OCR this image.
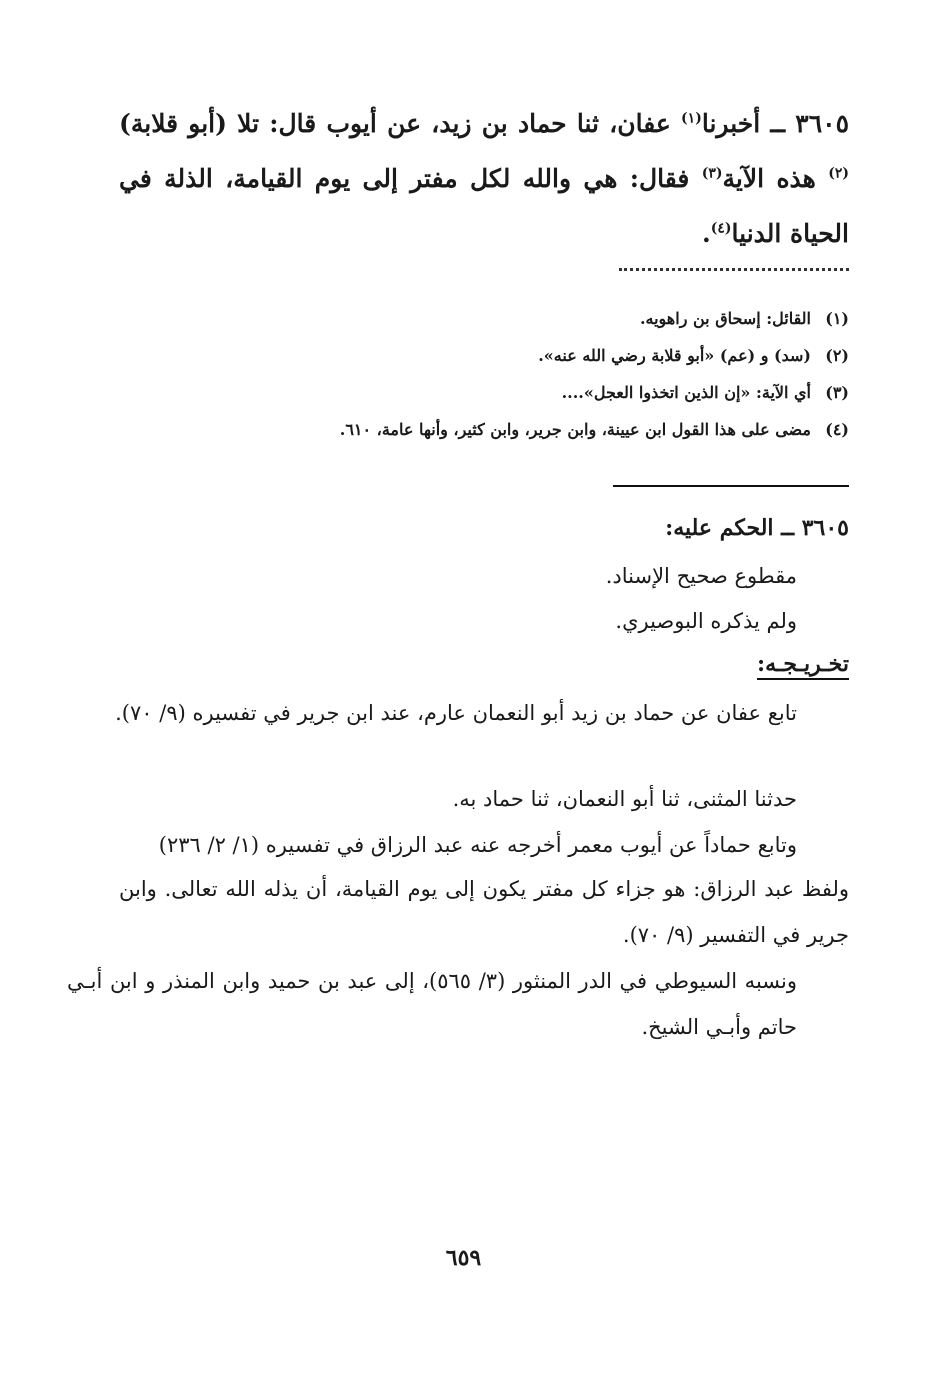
٣٦٠٥ ــ أخبرنا$^{(١)}$ عفان، ثنا حماد بن زيد، عن أيوب قال: تلا (أبو قلابة)$^{(٢)}$ هذه الآية$^{(٣)}$ فقال: هي والله لكل مفتر إلى يوم القيامة، الذلة في الحياة الدنيا$^{(٤)}$.
(١)
القائل: إسحاق بن راهويه.
(٢)
(سد) و (عم) «أبو قلابة رضي الله عنه».
(٣)
أي الآية: «إن الذين اتخذوا العجل»....
(٤)
مضى على هذا القول ابن عيينة، وابن جرير، وابن كثير، وأنها عامة، ٦١٠.
٣٦٠٥ ــ الحكم عليه:
مقطوع صحيح الإسناد.
ولم يذكره البوصيري.
تخـريـجـه:
تابع عفان عن حماد بن زيد أبو النعمان عارم، عند ابن جرير في تفسيره (٩/ ٧٠).
حدثنا المثنى، ثنا أبو النعمان، ثنا حماد به.
وتابع حماداً عن أيوب معمر أخرجه عنه عبد الرزاق في تفسيره (١/ ٢/ ٢٣٦)
ولفظ عبد الرزاق: هو جزاء كل مفتر يكون إلى يوم القيامة، أن يذله الله تعالى. وابن جرير في التفسير (٩/ ٧٠).
ونسبه السيوطي في الدر المنثور (٣/ ٥٦٥)، إلى عبد بن حميد وابن المنذر و ابن أبـي حاتم وأبـي الشيخ.
٦٥٩
